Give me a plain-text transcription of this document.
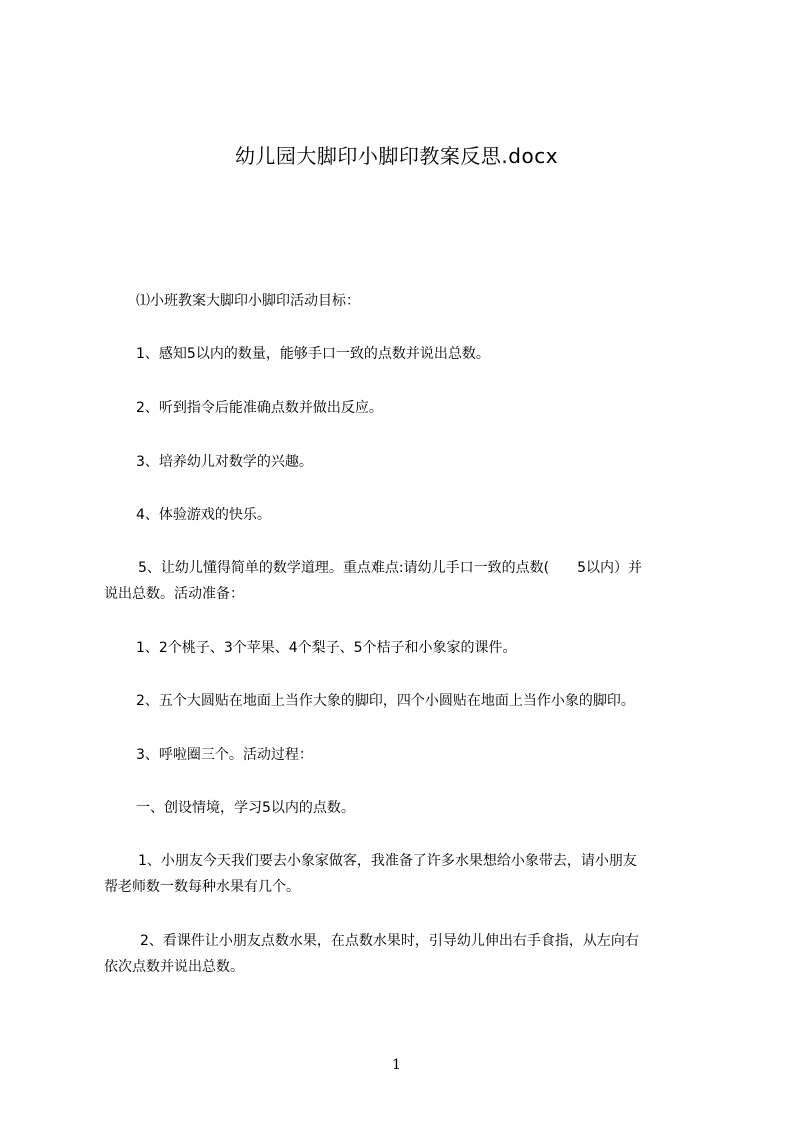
幼儿园大脚印小脚印教案反思.docx
⑴小班教案大脚印小脚印活动目标：
1、感知5以内的数量，能够手口一致的点数并说出总数。
2、听到指令后能准确点数并做出反应。
3、培养幼儿对数学的兴趣。
4、体验游戏的快乐。
5、让幼儿懂得简单的数学道理。重点难点:请幼儿手口一致的点数(　　5以内）并
说出总数。活动准备：
1、2个桃子、3个苹果、4个梨子、5个桔子和小象家的课件。
2、五个大圆贴在地面上当作大象的脚印，四个小圆贴在地面上当作小象的脚印。
3、呼啦圈三个。活动过程：
一、创设情境，学习5以内的点数。
1、小朋友今天我们要去小象家做客，我准备了许多水果想给小象带去，请小朋友
帮老师数一数每种水果有几个。
2、看课件让小朋友点数水果，在点数水果时，引导幼儿伸出右手食指，从左向右
依次点数并说出总数。
1
